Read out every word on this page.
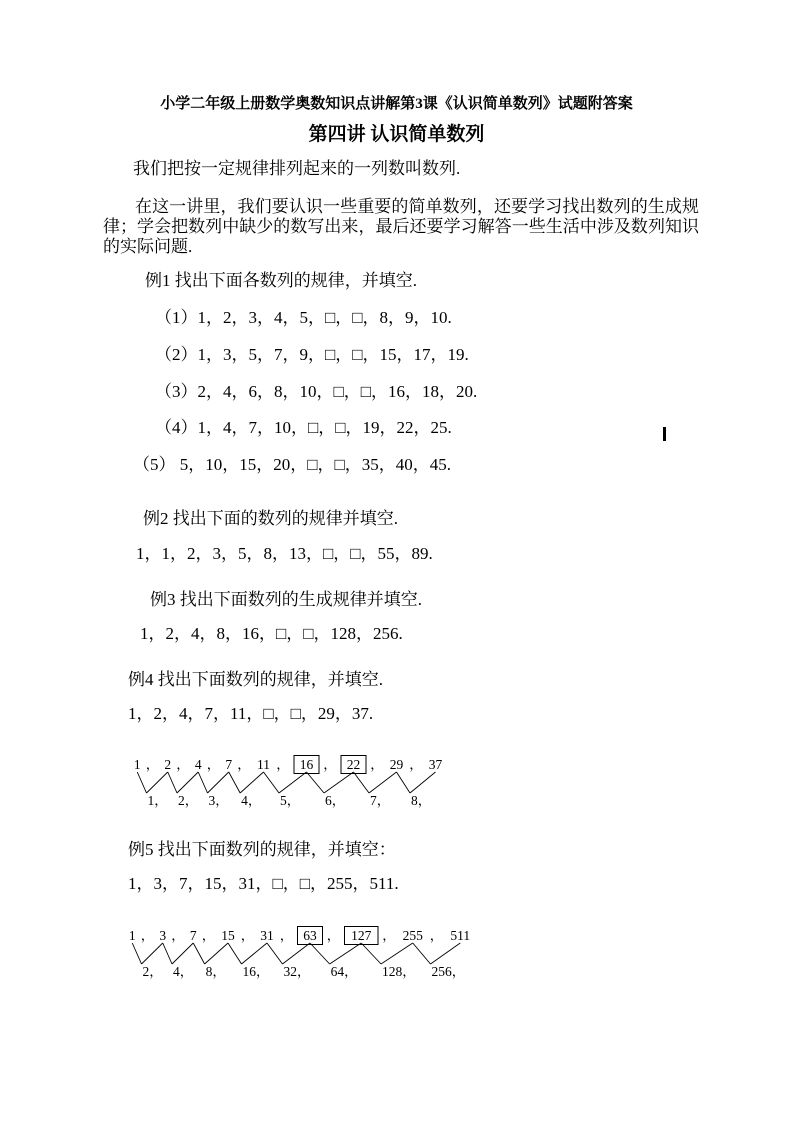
小学二年级上册数学奥数知识点讲解第3课《认识简单数列》试题附答案
第四讲 认识简单数列
我们把按一定规律排列起来的一列数叫数列.
在这一讲里，我们要认识一些重要的简单数列，还要学习找出数列的生成规律；学会把数列中缺少的数写出来，最后还要学习解答一些生活中涉及数列知识的实际问题.
例1 找出下面各数列的规律，并填空.
（1）1，2，3，4，5，□，□，8，9，10.
（2）1，3，5，7，9，□，□，15，17，19.
（3）2，4，6，8，10，□，□，16，18，20.
（4）1，4，7，10，□，□，19，22，25.
（5） 5，10，15，20，□，□，35，40，45.
例2 找出下面的数列的规律并填空.
1，1，2，3，5，8，13，□，□，55，89.
例3 找出下面数列的生成规律并填空.
1，2，4，8，16，□，□，128，256.
例4 找出下面数列的规律，并填空.
1，2，4，7，11，□，□，29，37.
1 ， 2 ， 4 ， 7 ， 11 ， 16 ， 22 ， 29 ， 37
1， 2， 3， 4， 5， 6， 7， 8，
例5 找出下面数列的规律，并填空：
1，3，7，15，31，□，□，255，511.
1 ， 3 ， 7 ， 15 ， 31 ， 63 ， 127 ， 255 ， 511
2， 4， 8， 16， 32， 64， 128， 256，
